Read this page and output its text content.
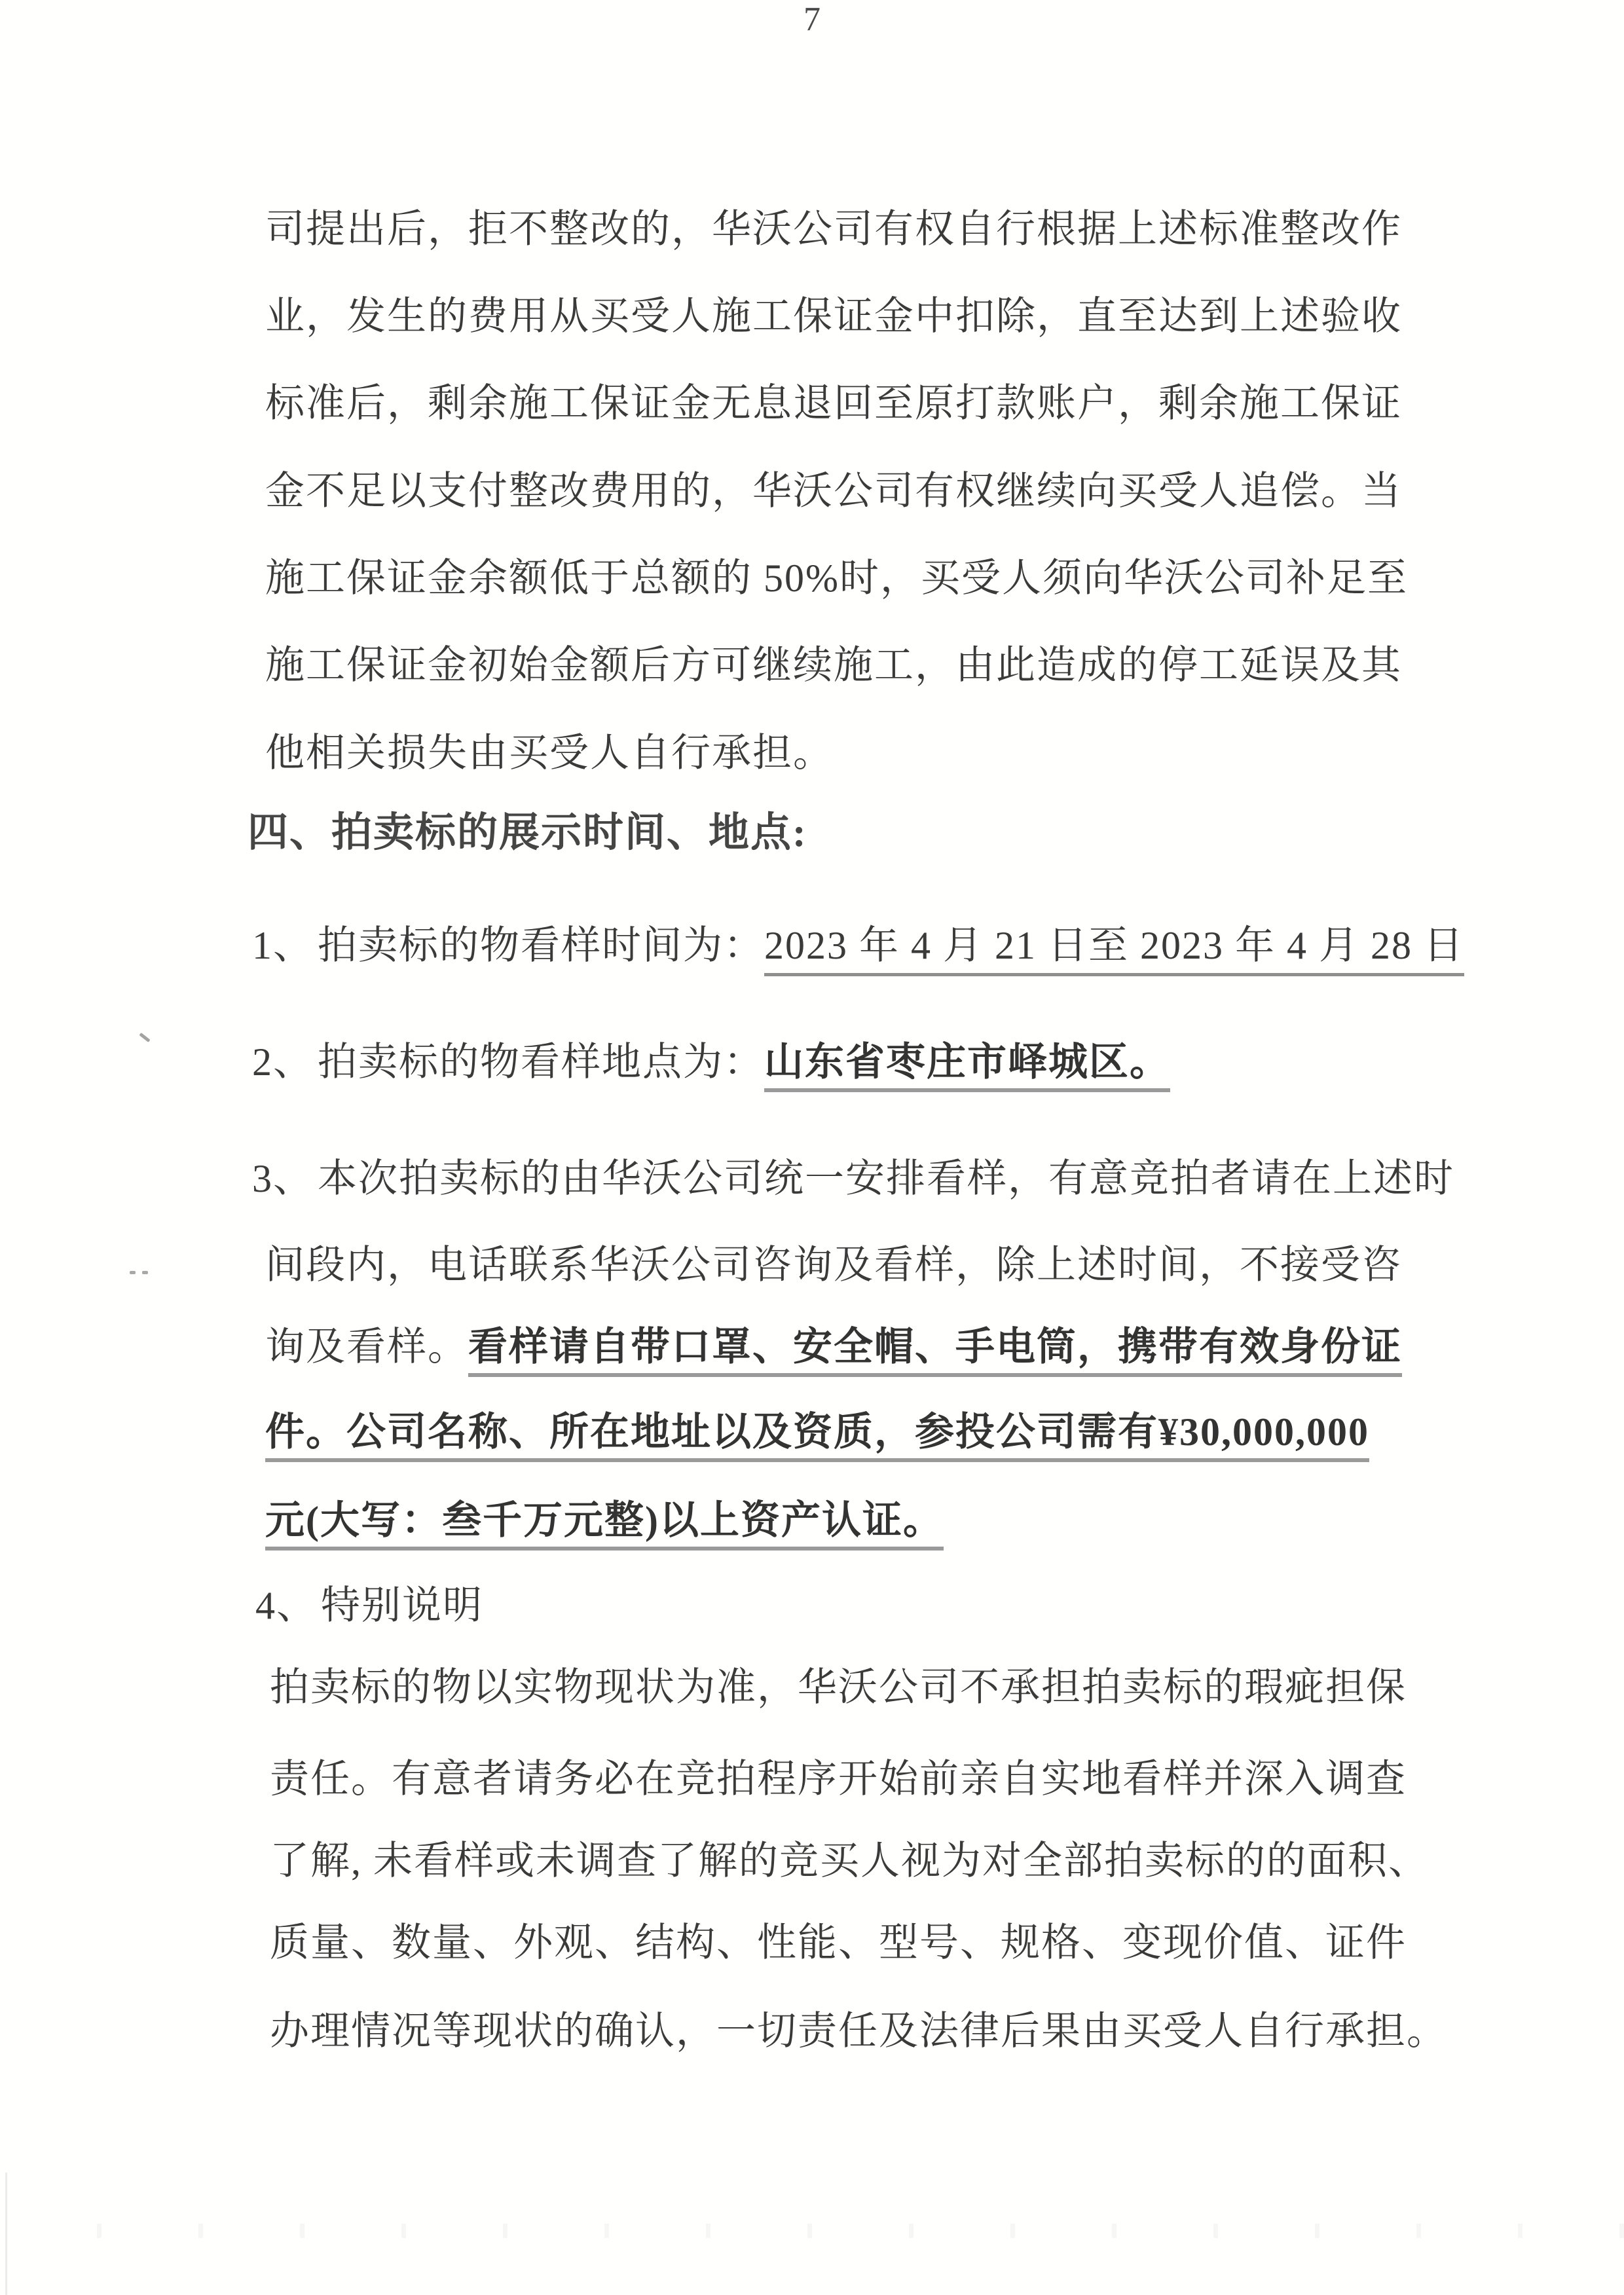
司提出后，拒不整改的，华沃公司有权自行根据上述标准整改作
业，发生的费用从买受人施工保证金中扣除，直至达到上述验收
标准后，剩余施工保证金无息退回至原打款账户，剩余施工保证
金不足以支付整改费用的，华沃公司有权继续向买受人追偿。当
施工保证金余额低于总额的 50%时，买受人须向华沃公司补足至
施工保证金初始金额后方可继续施工，由此造成的停工延误及其
他相关损失由买受人自行承担。
四、拍卖标的展示时间、地点:
1、 拍卖标的物看样时间为：2023 年 4 月 21 日至 2023 年 4 月 28 日
2、 拍卖标的物看样地点为：山东省枣庄市峄城区。
3、 本次拍卖标的由华沃公司统一安排看样，有意竞拍者请在上述时
间段内，电话联系华沃公司咨询及看样，除上述时间，不接受咨
询及看样。看样请自带口罩、安全帽、手电筒，携带有效身份证
件。公司名称、所在地址以及资质，参投公司需有¥30,000,000
元(大写：叁千万元整)以上资产认证。
4、 特别说明
拍卖标的物以实物现状为准，华沃公司不承担拍卖标的瑕疵担保
责任。有意者请务必在竞拍程序开始前亲自实地看样并深入调查
了解, 未看样或未调查了解的竞买人视为对全部拍卖标的的面积、
质量、数量、外观、结构、性能、型号、规格、变现价值、证件
办理情况等现状的确认，一切责任及法律后果由买受人自行承担。
7
